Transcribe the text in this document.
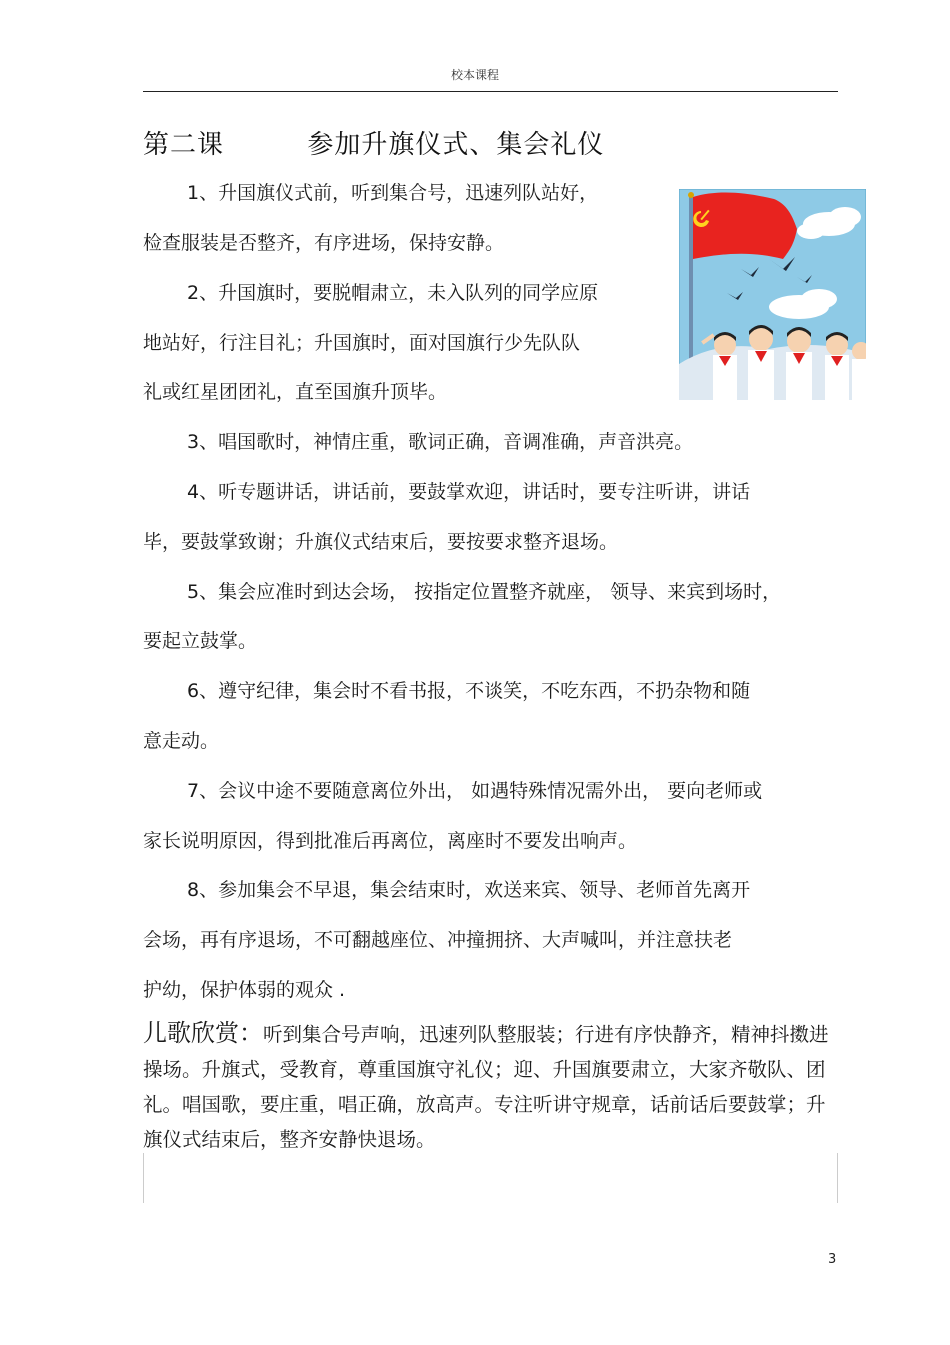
校本课程
第二课	参加升旗仪式、集会礼仪
1、升国旗仪式前，听到集合号，迅速列队站好，
检查服装是否整齐，有序进场，保持安静。
2、升国旗时，要脱帽肃立，未入队列的同学应原
地站好，行注目礼；升国旗时，面对国旗行少先队队
礼或红星团团礼，直至国旗升顶毕。
3、唱国歌时，神情庄重，歌词正确，音调准确，声音洪亮。
4、听专题讲话，讲话前，要鼓掌欢迎，讲话时，要专注听讲，讲话
毕，要鼓掌致谢；升旗仪式结束后，要按要求整齐退场。
5、集会应准时到达会场， 按指定位置整齐就座， 领导、来宾到场时，
要起立鼓掌。
6、遵守纪律，集会时不看书报，不谈笑，不吃东西，不扔杂物和随
意走动。
7、会议中途不要随意离位外出， 如遇特殊情况需外出， 要向老师或
家长说明原因，得到批准后再离位，离座时不要发出响声。
8、参加集会不早退，集会结束时，欢送来宾、领导、老师首先离开
会场，再有序退场，不可翻越座位、冲撞拥挤、大声喊叫，并注意扶老
护幼，保护体弱的观众 .
儿歌欣赏：听到集合号声响，迅速列队整服装；行进有序快静齐，精神抖擞进操场。升旗式，受教育，尊重国旗守礼仪；迎、升国旗要肃立，大家齐敬队、团礼。唱国歌，要庄重，唱正确，放高声。专注听讲守规章，话前话后要鼓掌；升旗仪式结束后，整齐安静快退场。
3
